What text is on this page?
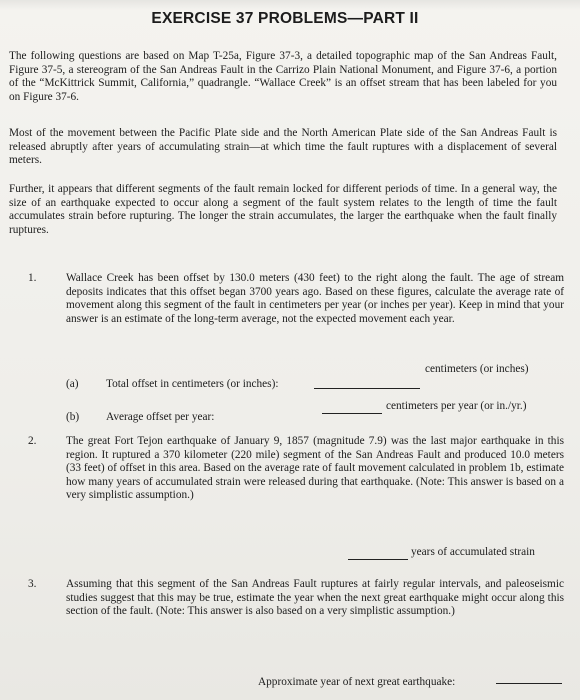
EXERCISE 37 PROBLEMS—PART II

The following questions are based on Map T-25a, Figure 37-3, a detailed topographic map of the San Andreas Fault, Figure 37-5, a stereogram of the San Andreas Fault in the Carrizo Plain National Monument, and Figure 37-6, a portion of the “McKittrick Summit, California,” quadrangle. “Wallace Creek” is an offset stream that has been labeled for you on Figure 37-6.

Most of the movement between the Pacific Plate side and the North American Plate side of the San Andreas Fault is released abruptly after years of accumulating strain—at which time the fault ruptures with a displacement of several meters.

Further, it appears that different segments of the fault remain locked for different periods of time. In a general way, the size of an earthquake expected to occur along a segment of the fault system relates to the length of time the fault accumulates strain before rupturing. The longer the strain accumulates, the larger the earthquake when the fault finally ruptures.

1.	Wallace Creek has been offset by 130.0 meters (430 feet) to the right along the fault. The age of stream deposits indicates that this offset began 3700 years ago. Based on these figures, calculate the average rate of movement along this segment of the fault in centimeters per year (or inches per year). Keep in mind that your answer is an estimate of the long-term average, not the expected movement each year.
(a) Total offset in centimeters (or inches):
centimeters (or inches)
(b) Average offset per year:
centimeters per year (or in./yr.)
2.	The great Fort Tejon earthquake of January 9, 1857 (magnitude 7.9) was the last major earthquake in this region. It ruptured a 370 kilometer (220 mile) segment of the San Andreas Fault and produced 10.0 meters (33 feet) of offset in this area. Based on the average rate of fault movement calculated in problem 1b, estimate how many years of accumulated strain were released during that earthquake. (Note: This answer is based on a very simplistic assumption.)
years of accumulated strain
3.	Assuming that this segment of the San Andreas Fault ruptures at fairly regular intervals, and paleoseismic studies suggest that this may be true, estimate the year when the next great earthquake might occur along this section of the fault. (Note: This answer is also based on a very simplistic assumption.)
Approximate year of next great earthquake:
